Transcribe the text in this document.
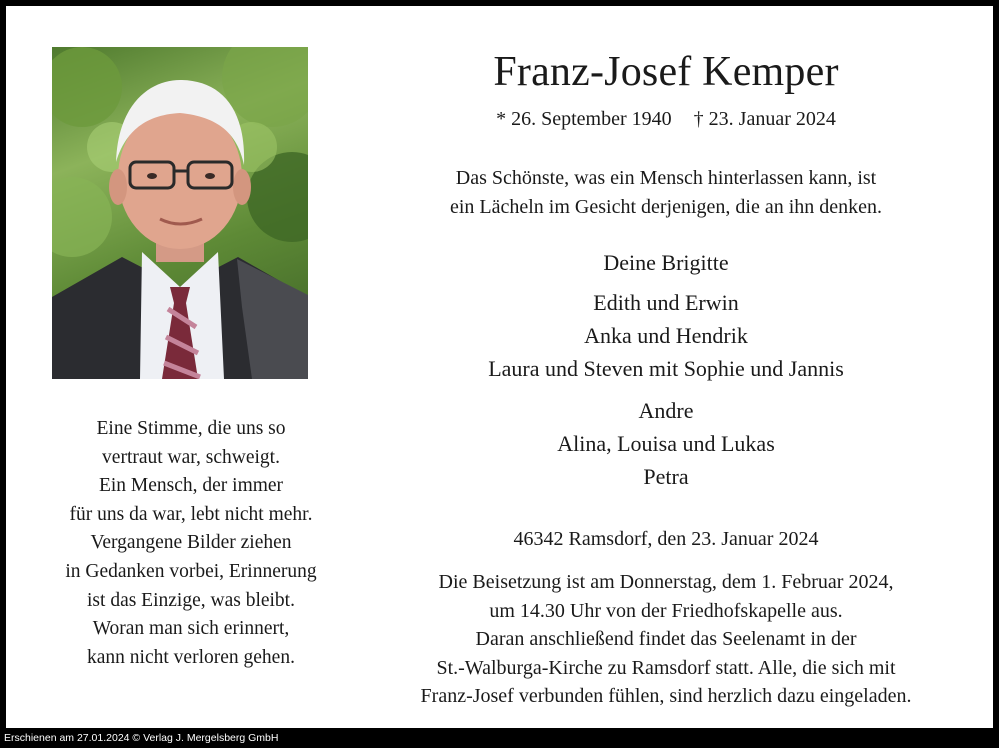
Eine Stimme, die uns so
vertraut war, schweigt.
Ein Mensch, der immer
für uns da war, lebt nicht mehr.
Vergangene Bilder ziehen
in Gedanken vorbei, Erinnerung
ist das Einzige, was bleibt.
Woran man sich erinnert,
kann nicht verloren gehen.
Franz-Josef Kemper
* 26. September 1940 † 23. Januar 2024
Das Schönste, was ein Mensch hinterlassen kann, ist
ein Lächeln im Gesicht derjenigen, die an ihn denken.
Deine Brigitte
Edith und Erwin
Anka und Hendrik
Laura und Steven mit Sophie und Jannis
Andre
Alina, Louisa und Lukas
Petra
46342 Ramsdorf, den 23. Januar 2024
Die Beisetzung ist am Donnerstag, dem 1. Februar 2024,
um 14.30 Uhr von der Friedhofskapelle aus.
Daran anschließend findet das Seelenamt in der
St.-Walburga-Kirche zu Ramsdorf statt. Alle, die sich mit
Franz-Josef verbunden fühlen, sind herzlich dazu eingeladen.
Erschienen am 27.01.2024 © Verlag J. Mergelsberg GmbH
